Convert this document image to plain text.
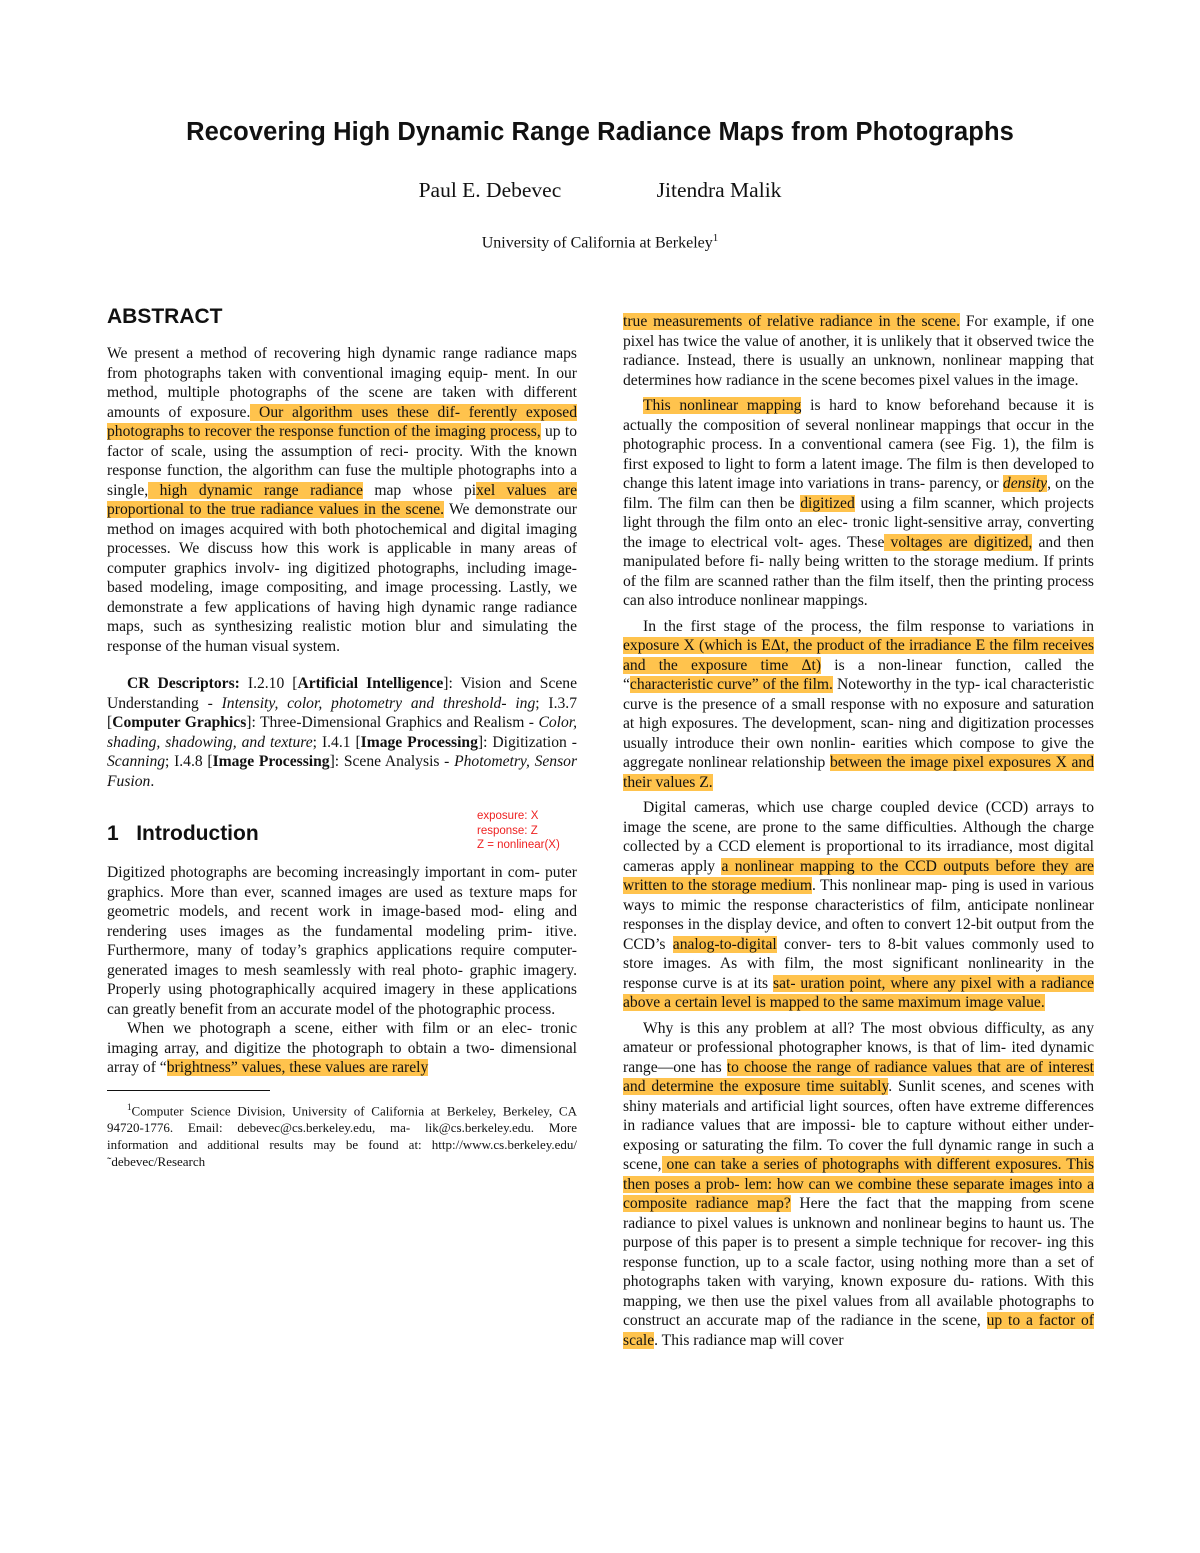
Recovering High Dynamic Range Radiance Maps from Photographs
Paul E. Debevec	Jitendra Malik
University of California at Berkeley$^1$

ABSTRACT

We present a method of recovering high dynamic range radiance maps from photographs taken with conventional imaging equip- ment. In our method, multiple photographs of the scene are taken with different amounts of exposure. Our algorithm uses these dif- ferently exposed photographs to recover the response function of the imaging process, up to factor of scale, using the assumption of reci- procity. With the known response function, the algorithm can fuse the multiple photographs into a single, high dynamic range radiance map whose pixel values are proportional to the true radiance values in the scene. We demonstrate our method on images acquired with both photochemical and digital imaging processes. We discuss how this work is applicable in many areas of computer graphics involv- ing digitized photographs, including image-based modeling, image compositing, and image processing. Lastly, we demonstrate a few applications of having high dynamic range radiance maps, such as synthesizing realistic motion blur and simulating the response of the human visual system.

CR Descriptors: I.2.10 [Artificial Intelligence]: Vision and Scene Understanding - Intensity, color, photometry and threshold- ing; I.3.7 [Computer Graphics]: Three-Dimensional Graphics and Realism - Color, shading, shadowing, and texture; I.4.1 [Image Processing]: Digitization - Scanning; I.4.8 [Image Processing]: Scene Analysis - Photometry, Sensor Fusion.

1 Introduction

Digitized photographs are becoming increasingly important in com- puter graphics. More than ever, scanned images are used as texture maps for geometric models, and recent work in image-based mod- eling and rendering uses images as the fundamental modeling prim- itive. Furthermore, many of today’s graphics applications require computer-generated images to mesh seamlessly with real photo- graphic imagery. Properly using photographically acquired imagery in these applications can greatly benefit from an accurate model of the photographic process.

When we photograph a scene, either with film or an elec- tronic imaging array, and digitize the photograph to obtain a two- dimensional array of “brightness” values, these values are rarely

$^1$Computer Science Division, University of California at Berkeley, Berkeley, CA 94720-1776. Email: debevec@cs.berkeley.edu, ma- lik@cs.berkeley.edu. More information and additional results may be found at: http://www.cs.berkeley.edu/˜debevec/Research

exposure: X
response: Z
Z = nonlinear(X)

true measurements of relative radiance in the scene. For example, if one pixel has twice the value of another, it is unlikely that it observed twice the radiance. Instead, there is usually an unknown, nonlinear mapping that determines how radiance in the scene becomes pixel values in the image.

This nonlinear mapping is hard to know beforehand because it is actually the composition of several nonlinear mappings that occur in the photographic process. In a conventional camera (see Fig. 1), the film is first exposed to light to form a latent image. The film is then developed to change this latent image into variations in trans- parency, or density, on the film. The film can then be digitized using a film scanner, which projects light through the film onto an elec- tronic light-sensitive array, converting the image to electrical volt- ages. These voltages are digitized, and then manipulated before fi- nally being written to the storage medium. If prints of the film are scanned rather than the film itself, then the printing process can also introduce nonlinear mappings.

In the first stage of the process, the film response to variations in exposure X (which is EΔt, the product of the irradiance E the film receives and the exposure time Δt) is a non-linear function, called the “characteristic curve” of the film. Noteworthy in the typ- ical characteristic curve is the presence of a small response with no exposure and saturation at high exposures. The development, scan- ning and digitization processes usually introduce their own nonlin- earities which compose to give the aggregate nonlinear relationship between the image pixel exposures X and their values Z.

Digital cameras, which use charge coupled device (CCD) arrays to image the scene, are prone to the same difficulties. Although the charge collected by a CCD element is proportional to its irradiance, most digital cameras apply a nonlinear mapping to the CCD outputs before they are written to the storage medium. This nonlinear map- ping is used in various ways to mimic the response characteristics of film, anticipate nonlinear responses in the display device, and often to convert 12-bit output from the CCD’s analog-to-digital conver- ters to 8-bit values commonly used to store images. As with film, the most significant nonlinearity in the response curve is at its sat- uration point, where any pixel with a radiance above a certain level is mapped to the same maximum image value.

Why is this any problem at all? The most obvious difficulty, as any amateur or professional photographer knows, is that of lim- ited dynamic range—one has to choose the range of radiance values that are of interest and determine the exposure time suitably. Sunlit scenes, and scenes with shiny materials and artificial light sources, often have extreme differences in radiance values that are impossi- ble to capture without either under-exposing or saturating the film. To cover the full dynamic range in such a scene, one can take a series of photographs with different exposures. This then poses a prob- lem: how can we combine these separate images into a composite radiance map? Here the fact that the mapping from scene radiance to pixel values is unknown and nonlinear begins to haunt us. The purpose of this paper is to present a simple technique for recover- ing this response function, up to a scale factor, using nothing more than a set of photographs taken with varying, known exposure du- rations. With this mapping, we then use the pixel values from all available photographs to construct an accurate map of the radiance in the scene, up to a factor of scale. This radiance map will cover
